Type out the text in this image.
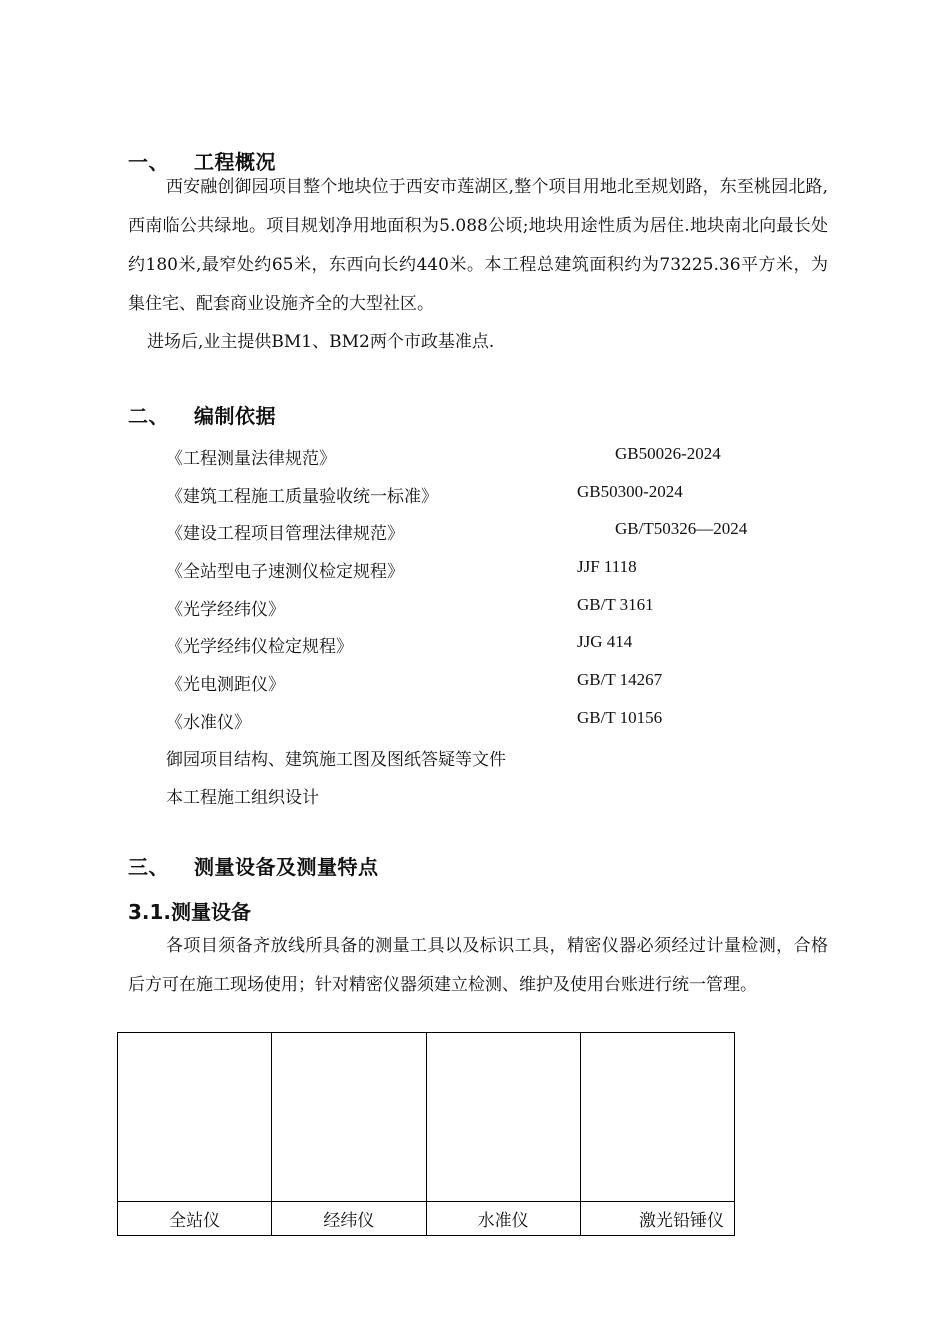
一、 工程概况

西安融创御园项目整个地块位于西安市莲湖区,整个项目用地北至规划路，东至桃园北路,西南临公共绿地。项目规划净用地面积为5.088公顷;地块用途性质为居住.地块南北向最长处约180米,最窄处约65米，东西向长约440米。本工程总建筑面积约为73225.36平方米，为集住宅、配套商业设施齐全的大型社区。

进场后,业主提供BM1、BM2两个市政基准点.

二、 编制依据
《工程测量法律规范》	GB50026-2024
《建筑工程施工质量验收统一标准》	GB50300-2024
《建设工程项目管理法律规范》	GB/T50326—2024
《全站型电子速测仪检定规程》	JJF 1118
《光学经纬仪》	GB/T 3161
《光学经纬仪检定规程》	JJG 414
《光电测距仪》	GB/T 14267
《水准仪》	GB/T 10156
御园项目结构、建筑施工图及图纸答疑等文件
本工程施工组织设计
三、 测量设备及测量特点
3.1.测量设备

各项目须备齐放线所具备的测量工具以及标识工具，精密仪器必须经过计量检测，合格后方可在施工现场使用；针对精密仪器须建立检测、维护及使用台账进行统一管理。

全站仪	经纬仪	水准仪	激光铅锤仪
